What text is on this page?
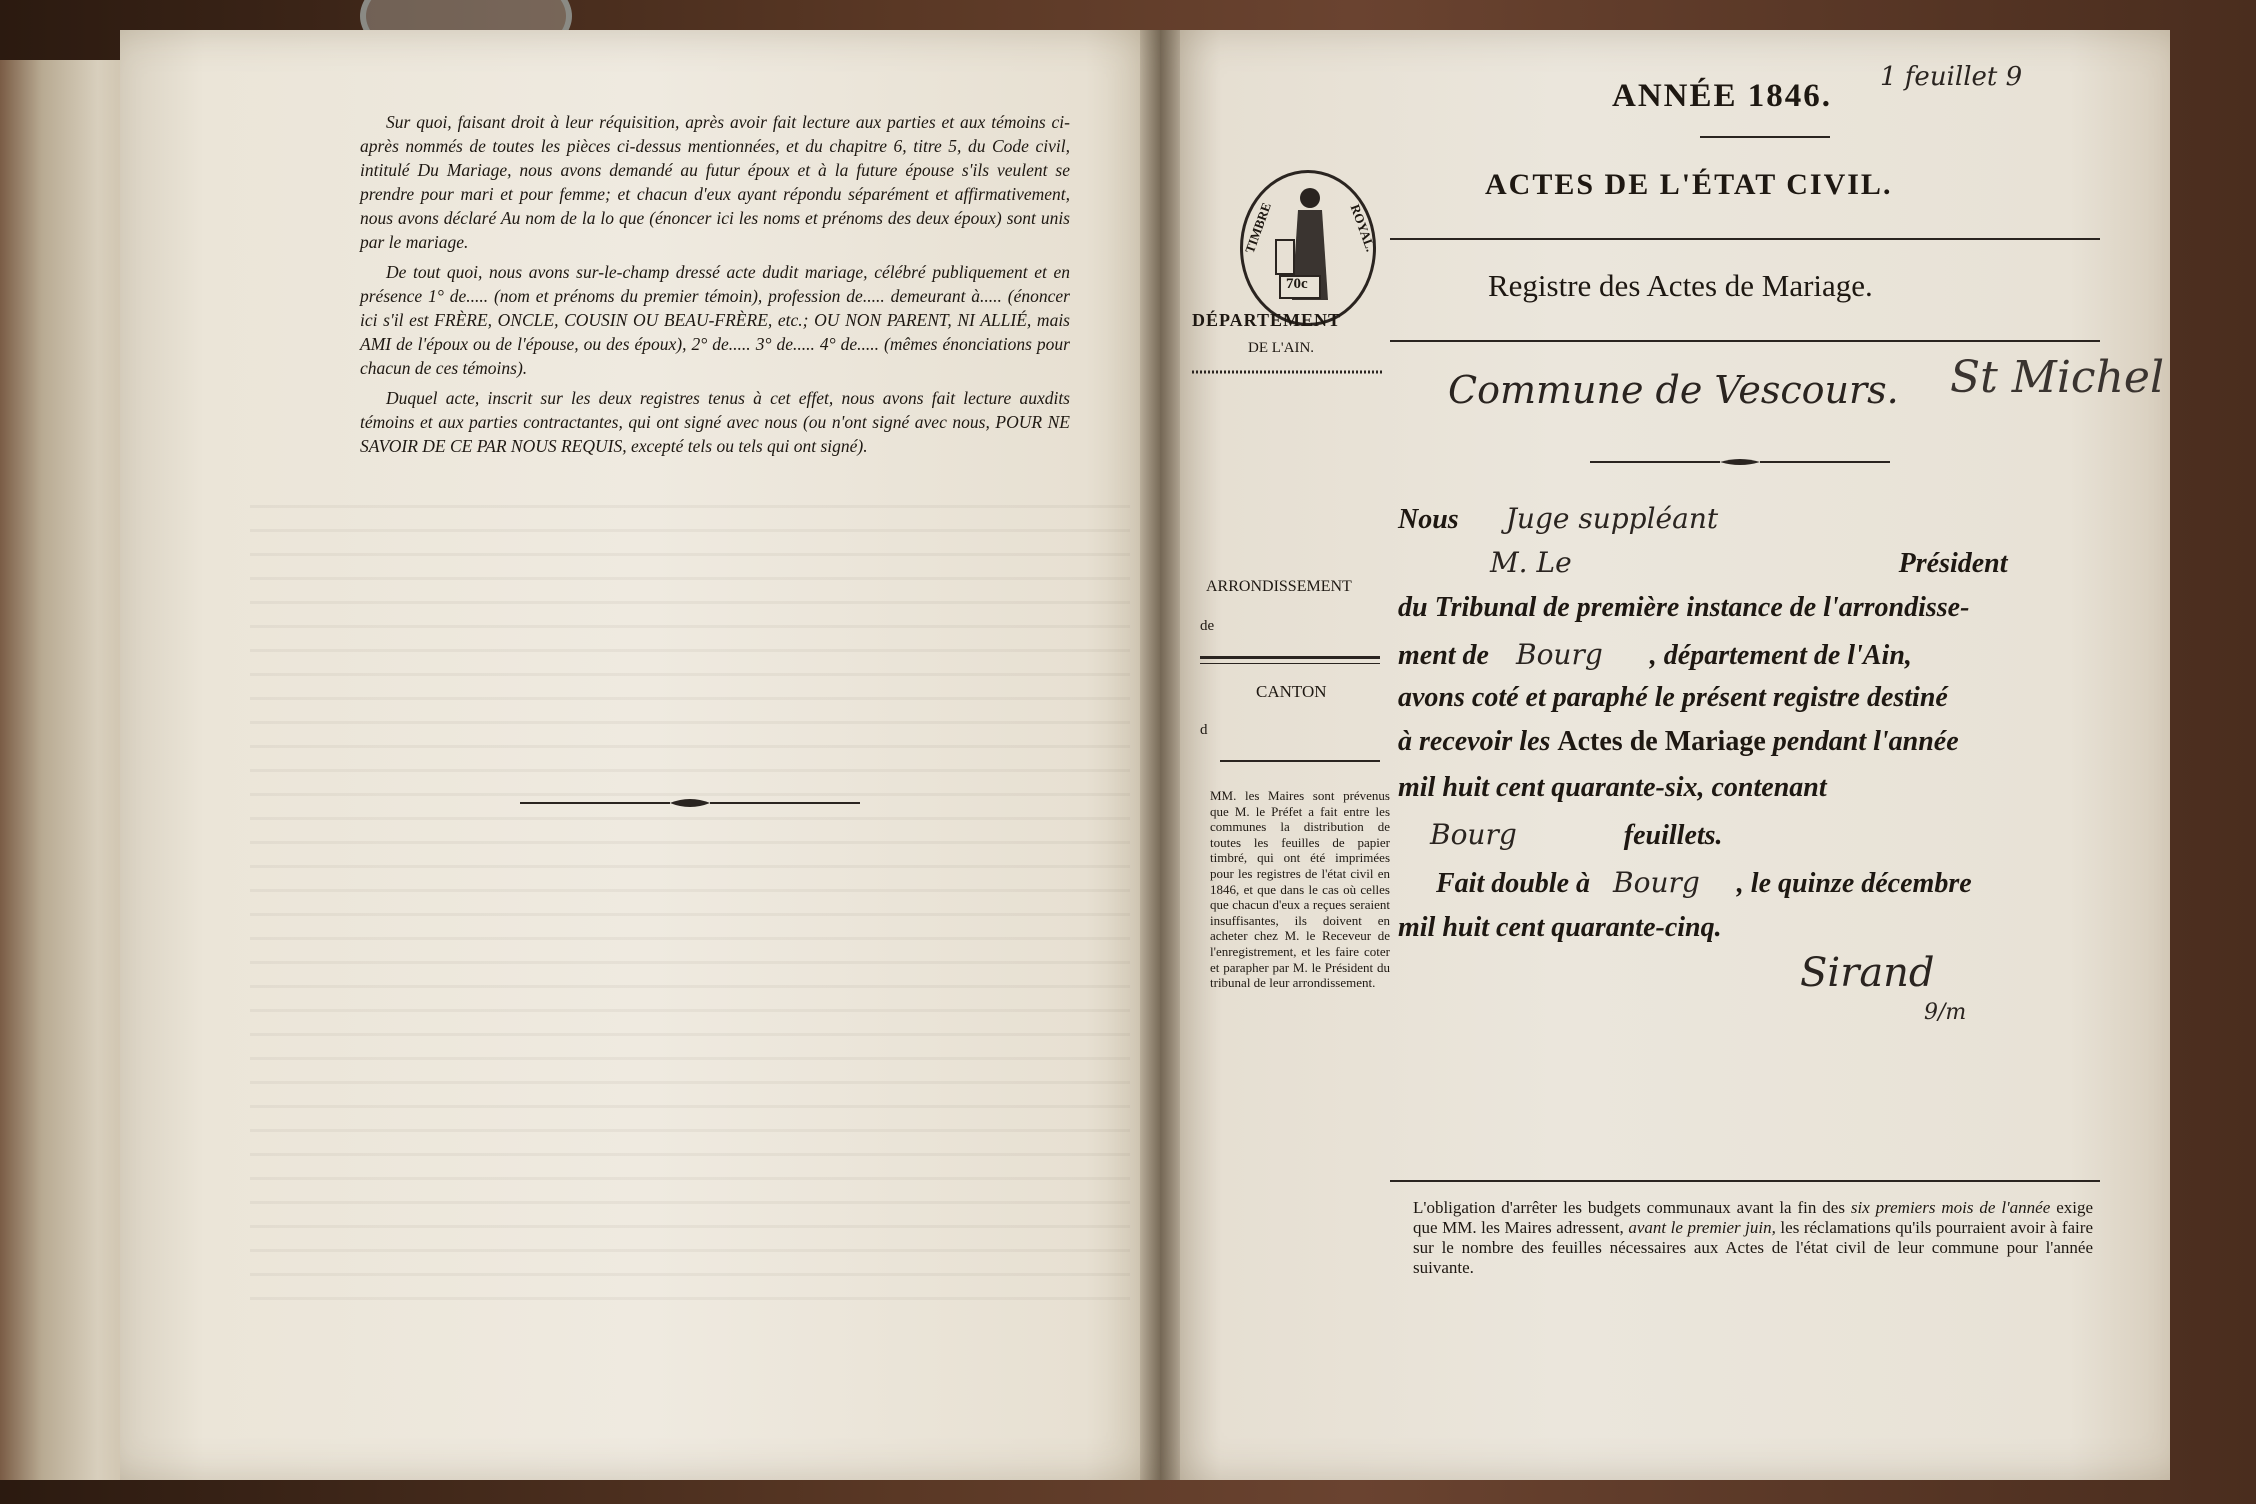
Sur quoi, faisant droit à leur réquisition, après avoir fait lecture aux parties et aux témoins ci-après nommés de toutes les pièces ci-dessus mentionnées, et du chapitre 6, titre 5, du Code civil, intitulé Du Mariage, nous avons demandé au futur époux et à la future épouse s'ils veulent se prendre pour mari et pour femme; et chacun d'eux ayant répondu séparément et affirmativement, nous avons déclaré Au nom de la lo que (énoncer ici les noms et prénoms des deux époux) sont unis par le mariage.

De tout quoi, nous avons sur-le-champ dressé acte dudit mariage, célébré publiquement et en présence 1° de..... (nom et prénoms du premier témoin), profession de..... demeurant à..... (énoncer ici s'il est FRÈRE, ONCLE, COUSIN OU BEAU-FRÈRE, etc.; OU NON PARENT, NI ALLIÉ, mais AMI de l'époux ou de l'épouse, ou des époux), 2° de..... 3° de..... 4° de..... (mêmes énonciations pour chacun de ces témoins).

Duquel acte, inscrit sur les deux registres tenus à cet effet, nous avons fait lecture auxdits témoins et aux parties contractantes, qui ont signé avec nous (ou n'ont signé avec nous, POUR NE SAVOIR DE CE PAR NOUS REQUIS, excepté tels ou tels qui ont signé).

ANNÉE 1846.
1 feuillet 9
ACTES DE L'ÉTAT CIVIL.
Registre des Actes de Mariage.
TIMBRE	ROYAL.
70c
DÉPARTEMENT
DE L'AIN.
Commune de Vescours. St Michel
ARRONDISSEMENT
de
CANTON
d
MM. les Maires sont prévenus que M. le Préfet a fait entre les communes la distribution de toutes les feuilles de papier timbré, qui ont été imprimées pour les registres de l'état civil en 1846, et que dans le cas où celles que chacun d'eux a reçues seraient insuffisantes, ils doivent en acheter chez M. le Receveur de l'enregistrement, et les faire coter et parapher par M. le Président du tribunal de leur arrondissement.
Nous Juge suppléant
M. Le	Président
du Tribunal de première instance de l'arrondisse-
ment de Bourg , département de l'Ain,
avons coté et paraphé le présent registre destiné
à recevoir les Actes de Mariage pendant l'année
mil huit cent quarante-six, contenant
Bourg	feuillets.
Fait double à Bourg , le quinze décembre
mil huit cent quarante-cinq.
Sirand
9/m
L'obligation d'arrêter les budgets communaux avant la fin des six premiers mois de l'année exige que MM. les Maires adressent, avant le premier juin, les réclamations qu'ils pourraient avoir à faire sur le nombre des feuilles nécessaires aux Actes de l'état civil de leur commune pour l'année suivante.
